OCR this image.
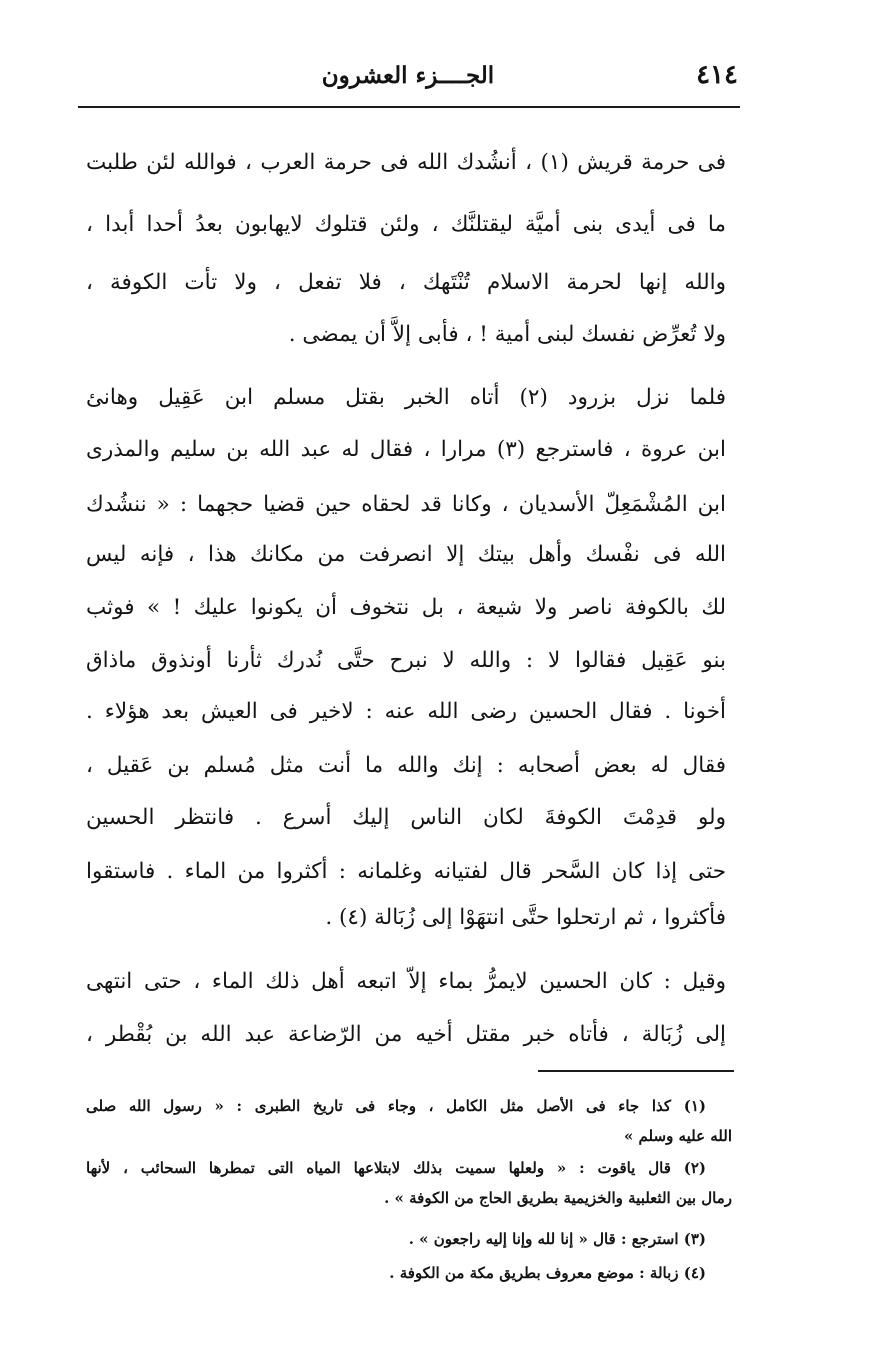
٤١٤
الجــــزء العشرون
فى حرمة قريش (١) ، أنشُدك الله فى حرمة العرب ، فوالله لئن طلبت
ما فى أيدى بنى أميَّة ليقتلنَّك ، ولئن قتلوك لايهابون بعدُ أحدا أبدا ،
والله إنها لحرمة الاسلام تُنْتَهك ، فلا تفعل ، ولا تأت الكوفة ،
ولا تُعرِّض نفسك لبنى أمية ! ، فأبى إلاَّ أن يمضى .
فلما نزل بزرود (٢) أتاه الخبر بقتل مسلم ابن عَقِيل وهانئ
ابن عروة ، فاسترجع (٣) مرارا ، فقال له عبد الله بن سليم والمذرى
ابن المُشْمَعِلّ الأسديان ، وكانا قد لحقاه حين قضيا حجهما : « ننشُدك
الله فى نفْسك وأهل بيتك إلا انصرفت من مكانك هذا ، فإنه ليس
لك بالكوفة ناصر ولا شيعة ، بل نتخوف أن يكونوا عليك ! » فوثب
بنو عَقِيل فقالوا لا : والله لا نبرح حتَّى نُدرك ثأرنا أونذوق ماذاق
أخونا . فقال الحسين رضى الله عنه : لاخير فى العيش بعد هؤلاء .
فقال له بعض أصحابه : إنك والله ما أنت مثل مُسلم بن عَقيل ،
ولو قدِمْتَ الكوفةَ لكان الناس إليك أسرع . فانتظر الحسين
حتى إذا كان السَّحر قال لفتيانه وغلمانه : أكثروا من الماء . فاستقوا
فأكثروا ، ثم ارتحلوا حتَّى انتهَوْا إلى زُبَالة (٤) .
وقيل : كان الحسين لايمرُّ بماء إلاّ اتبعه أهل ذلك الماء ، حتى انتهى
إلى زُبَالة ، فأتاه خبر مقتل أخيه من الرّضاعة عبد الله بن بُقْطر ،
(١) كذا جاء فى الأصل مثل الكامل ، وجاء فى تاريخ الطبرى : « رسول الله صلى
الله عليه وسلم »
(٢) قال ياقوت : « ولعلها سميت بذلك لابتلاعها المياه التى تمطرها السحائب ، لأنها
رمال بين الثعلبية والخزيمية بطريق الحاج من الكوفة » .
(٣) استرجع : قال « إنا لله وإنا إليه راجعون » .
(٤) زبالة : موضع معروف بطريق مكة من الكوفة .
